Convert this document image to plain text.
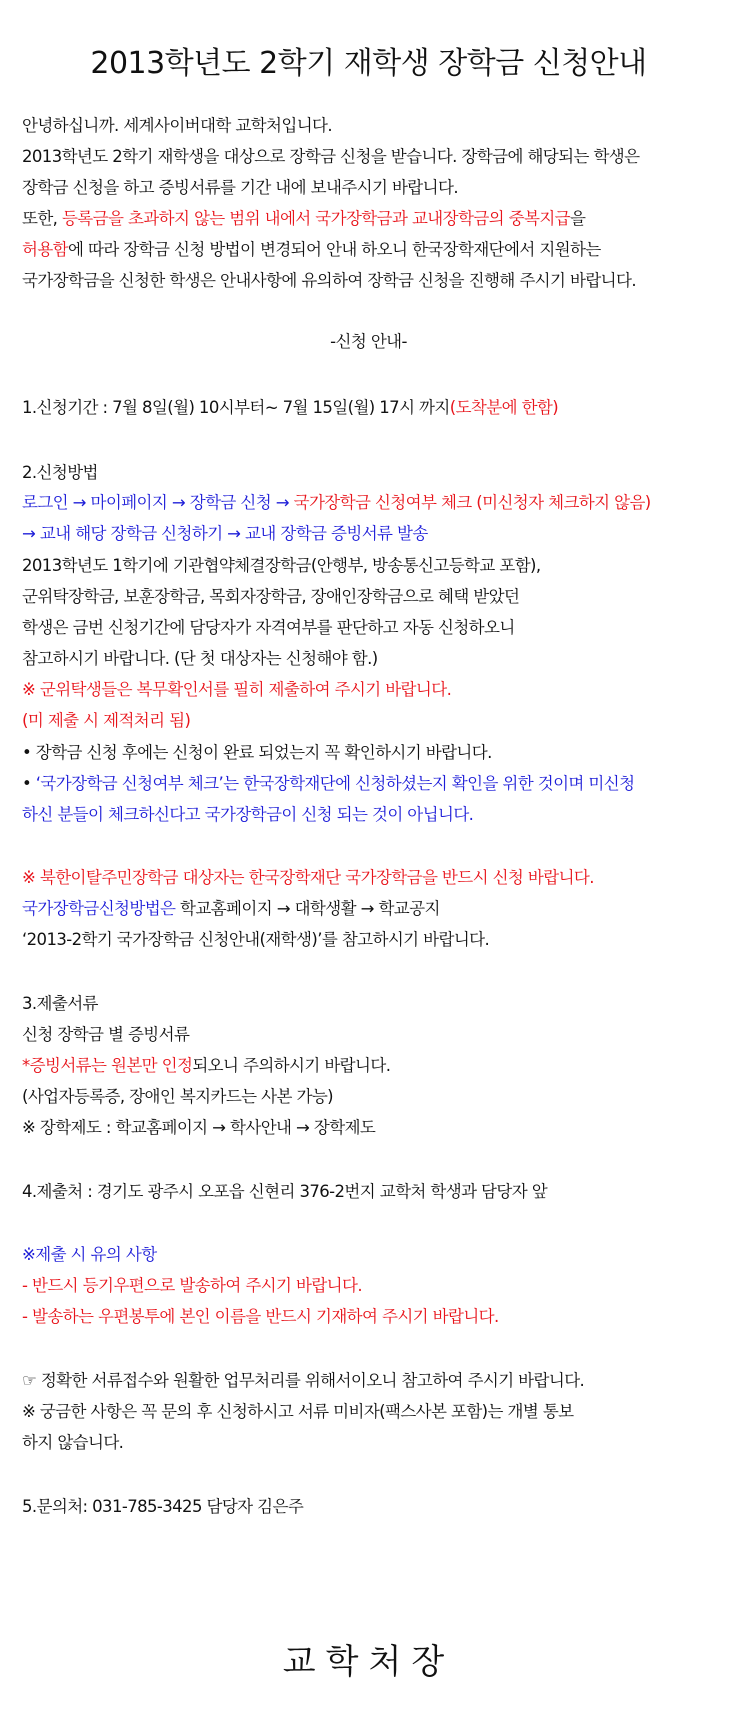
2013학년도 2학기 재학생 장학금 신청안내
안녕하십니까. 세계사이버대학 교학처입니다.
2013학년도 2학기 재학생을 대상으로 장학금 신청을 받습니다. 장학금에 해당되는 학생은
장학금 신청을 하고 증빙서류를 기간 내에 보내주시기 바랍니다.
또한, 등록금을 초과하지 않는 범위 내에서 국가장학금과 교내장학금의 중복지급을
허용함에 따라 장학금 신청 방법이 변경되어 안내 하오니 한국장학재단에서 지원하는
국가장학금을 신청한 학생은 안내사항에 유의하여 장학금 신청을 진행해 주시기 바랍니다.
-신청 안내-
1.신청기간 : 7월 8일(월) 10시부터~ 7월 15일(월) 17시 까지(도착분에 한함)
2.신청방법
로그인 → 마이페이지 → 장학금 신청 → 국가장학금 신청여부 체크 (미신청자 체크하지 않음)
→ 교내 해당 장학금 신청하기 → 교내 장학금 증빙서류 발송
2013학년도 1학기에 기관협약체결장학금(안행부, 방송통신고등학교 포함),
군위탁장학금, 보훈장학금, 목회자장학금, 장애인장학금으로 혜택 받았던
학생은 금번 신청기간에 담당자가 자격여부를 판단하고 자동 신청하오니
참고하시기 바랍니다. (단 첫 대상자는 신청해야 함.)
※ 군위탁생들은 복무확인서를 필히 제출하여 주시기 바랍니다.
(미 제출 시 제적처리 됨)
• 장학금 신청 후에는 신청이 완료 되었는지 꼭 확인하시기 바랍니다.
• ‘국가장학금 신청여부 체크’는 한국장학재단에 신청하셨는지 확인을 위한 것이며 미신청
하신 분들이 체크하신다고 국가장학금이 신청 되는 것이 아닙니다.
※ 북한이탈주민장학금 대상자는 한국장학재단 국가장학금을 반드시 신청 바랍니다.
국가장학금신청방법은 학교홈페이지 → 대학생활 → 학교공지
‘2013-2학기 국가장학금 신청안내(재학생)’를 참고하시기 바랍니다.
3.제출서류
신청 장학금 별 증빙서류
*증빙서류는 원본만 인정되오니 주의하시기 바랍니다.
(사업자등록증, 장애인 복지카드는 사본 가능)
※ 장학제도 : 학교홈페이지 → 학사안내 → 장학제도
4.제출처 : 경기도 광주시 오포읍 신현리 376-2번지 교학처 학생과 담당자 앞
※제출 시 유의 사항
- 반드시 등기우편으로 발송하여 주시기 바랍니다.
- 발송하는 우편봉투에 본인 이름을 반드시 기재하여 주시기 바랍니다.
☞ 정확한 서류접수와 원활한 업무처리를 위해서이오니 참고하여 주시기 바랍니다.
※ 궁금한 사항은 꼭 문의 후 신청하시고 서류 미비자(팩스사본 포함)는 개별 통보
하지 않습니다.
5.문의처: 031-785-3425 담당자 김은주
교학처장
